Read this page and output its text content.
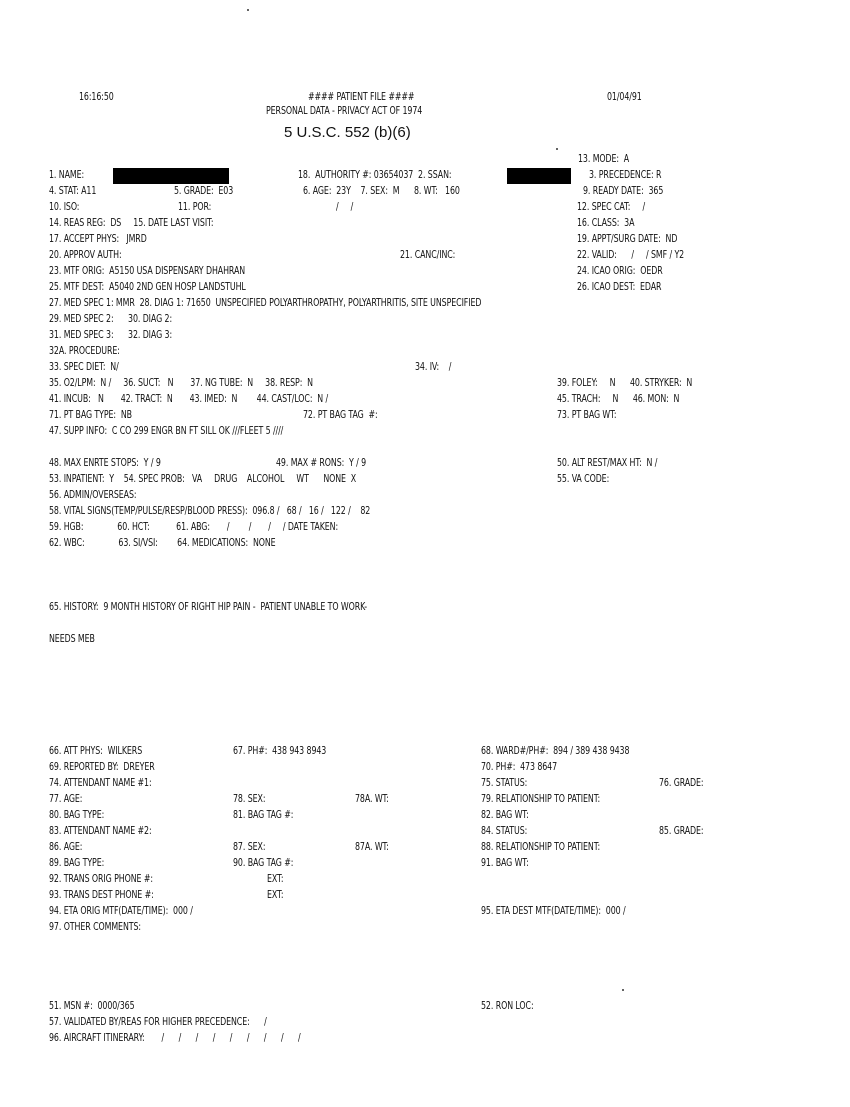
16:16:50	#### PATIENT FILE ####	01/04/91
PERSONAL DATA - PRIVACY ACT OF 1974
5 U.S.C. 552 (b)(6)
13. MODE:  A
1. NAME:	18.  AUTHORITY #: 03654037  2. SSAN:	3. PRECEDENCE: R
4. STAT: A11	5. GRADE:  E03	6. AGE:  23Y    7. SEX:  M      8. WT:   160	9. READY DATE:  365
10. ISO:	11. POR:	/     /	12. SPEC CAT:     /
14. REAS REG:  DS     15. DATE LAST VISIT:	16. CLASS:  3A
17. ACCEPT PHYS:   JMRD	19. APPT/SURG DATE:  ND
20. APPROV AUTH:	21. CANC/INC:	22. VALID:      /     / SMF / Y2
23. MTF ORIG:  A5150 USA DISPENSARY DHAHRAN	24. ICAO ORIG:  OEDR
25. MTF DEST:  A5040 2ND GEN HOSP LANDSTUHL	26. ICAO DEST:  EDAR
27. MED SPEC 1: MMR  28. DIAG 1: 71650  UNSPECIFIED POLYARTHROPATHY, POLYARTHRITIS, SITE UNSPECIFIED
29. MED SPEC 2:      30. DIAG 2:
31. MED SPEC 3:      32. DIAG 3:
32A. PROCEDURE:
33. SPEC DIET:  N/	34. IV:    /
35. O2/LPM:  N /     36. SUCT:   N       37. NG TUBE:  N     38. RESP:  N	39. FOLEY:     N      40. STRYKER:  N
41. INCUB:   N       42. TRACT:  N       43. IMED:  N        44. CAST/LOC:  N /	45. TRACH:     N      46. MON:  N
71. PT BAG TYPE:  NB	72. PT BAG TAG  #:	73. PT BAG WT:
47. SUPP INFO:  C CO 299 ENGR BN FT SILL OK ///FLEET 5 ////
48. MAX ENRTE STOPS:  Y / 9	49. MAX # RONS:  Y / 9	50. ALT REST/MAX HT:  N /
53. INPATIENT:  Y    54. SPEC PROB:   VA     DRUG    ALCOHOL     WT      NONE  X	55. VA CODE:
56. ADMIN/OVERSEAS:
58. VITAL SIGNS(TEMP/PULSE/RESP/BLOOD PRESS):  096.8 /   68 /   16 /   122 /    82
59. HGB:              60. HCT:           61. ABG:       /        /       /     / DATE TAKEN:
62. WBC:              63. SI/VSI:        64. MEDICATIONS:  NONE
65. HISTORY:  9 MONTH HISTORY OF RIGHT HIP PAIN -  PATIENT UNABLE TO WORK-
NEEDS MEB
66. ATT PHYS:  WILKERS	67. PH#:  438 943 8943	68. WARD#/PH#:  894 / 389 438 9438
69. REPORTED BY:  DREYER	70. PH#:  473 8647
74. ATTENDANT NAME #1:	75. STATUS:	76. GRADE:
77. AGE:	78. SEX:	78A. WT:	79. RELATIONSHIP TO PATIENT:
80. BAG TYPE:	81. BAG TAG #:	82. BAG WT:
83. ATTENDANT NAME #2:	84. STATUS:	85. GRADE:
86. AGE:	87. SEX:	87A. WT:	88. RELATIONSHIP TO PATIENT:
89. BAG TYPE:	90. BAG TAG #:	91. BAG WT:
92. TRANS ORIG PHONE #:	EXT:
93. TRANS DEST PHONE #:	EXT:
94. ETA ORIG MTF(DATE/TIME):  000 /	95. ETA DEST MTF(DATE/TIME):  000 /
97. OTHER COMMENTS:
51. MSN #:  0000/365	52. RON LOC:
57. VALIDATED BY/REAS FOR HIGHER PRECEDENCE:      /
96. AIRCRAFT ITINERARY:       /      /      /      /      /      /      /      /      /
